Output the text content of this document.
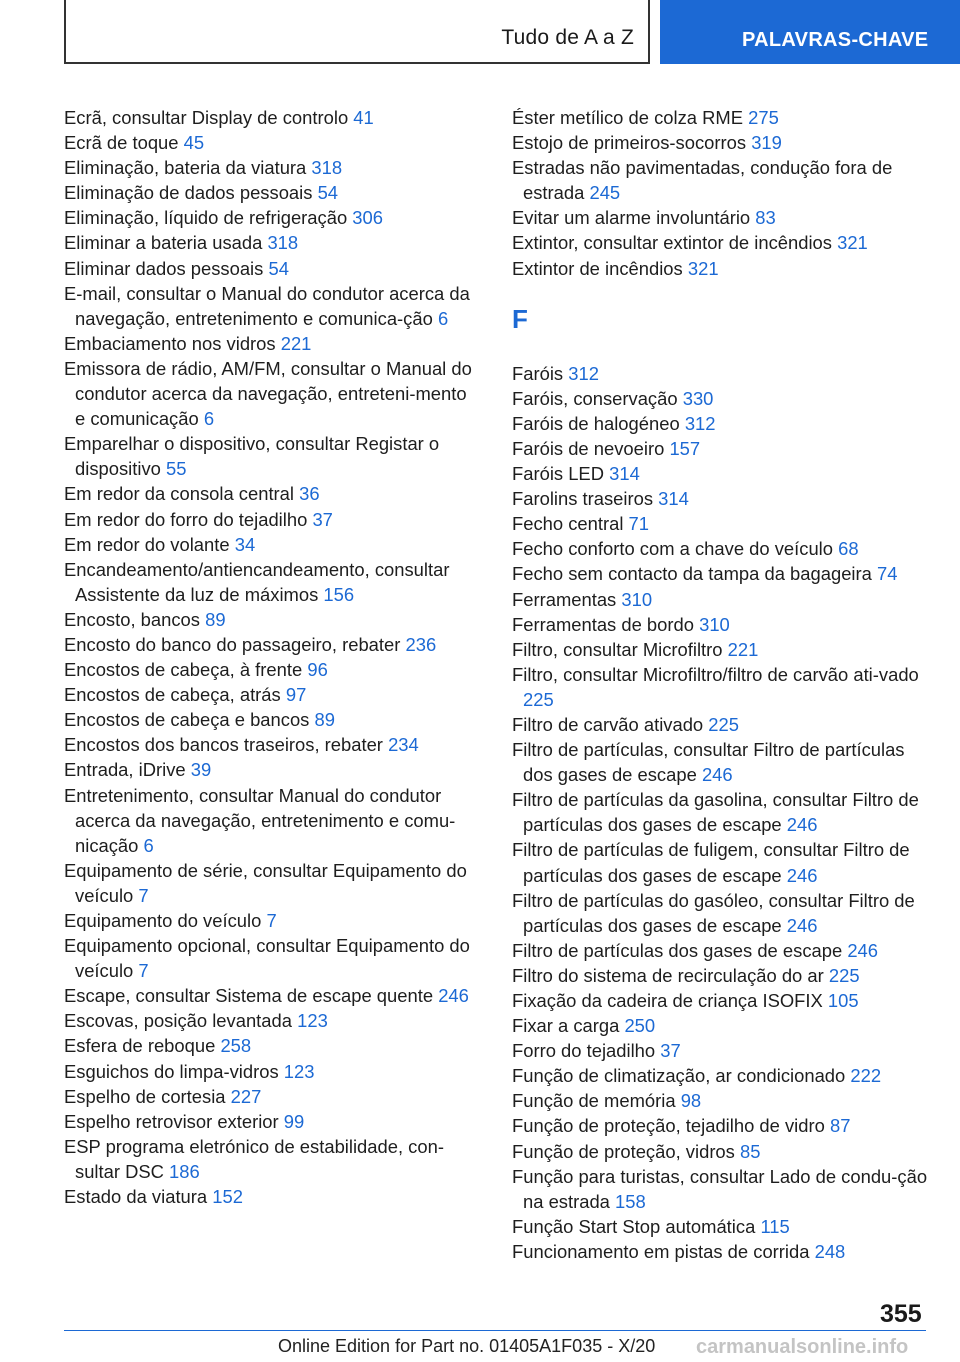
Tudo de A a Z	PALAVRAS-CHAVE
Ecrã, consultar Display de controlo 41
Ecrã de toque 45
Eliminação, bateria da viatura 318
Eliminação de dados pessoais 54
Eliminação, líquido de refrigeração 306
Eliminar a bateria usada 318
Eliminar dados pessoais 54
E-mail, consultar o Manual do condutor acerca da navegação, entretenimento e comunica‐ção 6
Embaciamento nos vidros 221
Emissora de rádio, AM/FM, consultar o Manual do condutor acerca da navegação, entreteni‐mento e comunicação 6
Emparelhar o dispositivo, consultar Registar o dispositivo 55
Em redor da consola central 36
Em redor do forro do tejadilho 37
Em redor do volante 34
Encandeamento/antiencandeamento, consultar Assistente da luz de máximos 156
Encosto, bancos 89
Encosto do banco do passageiro, rebater 236
Encostos de cabeça, à frente 96
Encostos de cabeça, atrás 97
Encostos de cabeça e bancos 89
Encostos dos bancos traseiros, rebater 234
Entrada, iDrive 39
Entretenimento, consultar Manual do condutor acerca da navegação, entretenimento e comu‐nicação 6
Equipamento de série, consultar Equipamento do veículo 7
Equipamento do veículo 7
Equipamento opcional, consultar Equipamento do veículo 7
Escape, consultar Sistema de escape quente 246
Escovas, posição levantada 123
Esfera de reboque 258
Esguichos do limpa-vidros 123
Espelho de cortesia 227
Espelho retrovisor exterior 99
ESP programa eletrónico de estabilidade, con‐sultar DSC 186
Estado da viatura 152
Éster metílico de colza RME 275
Estojo de primeiros-socorros 319
Estradas não pavimentadas, condução fora de estrada 245
Evitar um alarme involuntário 83
Extintor, consultar extintor de incêndios 321
Extintor de incêndios 321
F
Faróis 312
Faróis, conservação 330
Faróis de halogéneo 312
Faróis de nevoeiro 157
Faróis LED 314
Farolins traseiros 314
Fecho central 71
Fecho conforto com a chave do veículo 68
Fecho sem contacto da tampa da bagageira 74
Ferramentas 310
Ferramentas de bordo 310
Filtro, consultar Microfiltro 221
Filtro, consultar Microfiltro/filtro de carvão ati‐vado 225
Filtro de carvão ativado 225
Filtro de partículas, consultar Filtro de partículas dos gases de escape 246
Filtro de partículas da gasolina, consultar Filtro de partículas dos gases de escape 246
Filtro de partículas de fuligem, consultar Filtro de partículas dos gases de escape 246
Filtro de partículas do gasóleo, consultar Filtro de partículas dos gases de escape 246
Filtro de partículas dos gases de escape 246
Filtro do sistema de recirculação do ar 225
Fixação da cadeira de criança ISOFIX 105
Fixar a carga 250
Forro do tejadilho 37
Função de climatização, ar condicionado 222
Função de memória 98
Função de proteção, tejadilho de vidro 87
Função de proteção, vidros 85
Função para turistas, consultar Lado de condu‐ção na estrada 158
Função Start Stop automática 115
Funcionamento em pistas de corrida 248
355
Online Edition for Part no. 01405A1F035 - X/20 carmanualsonline.info
